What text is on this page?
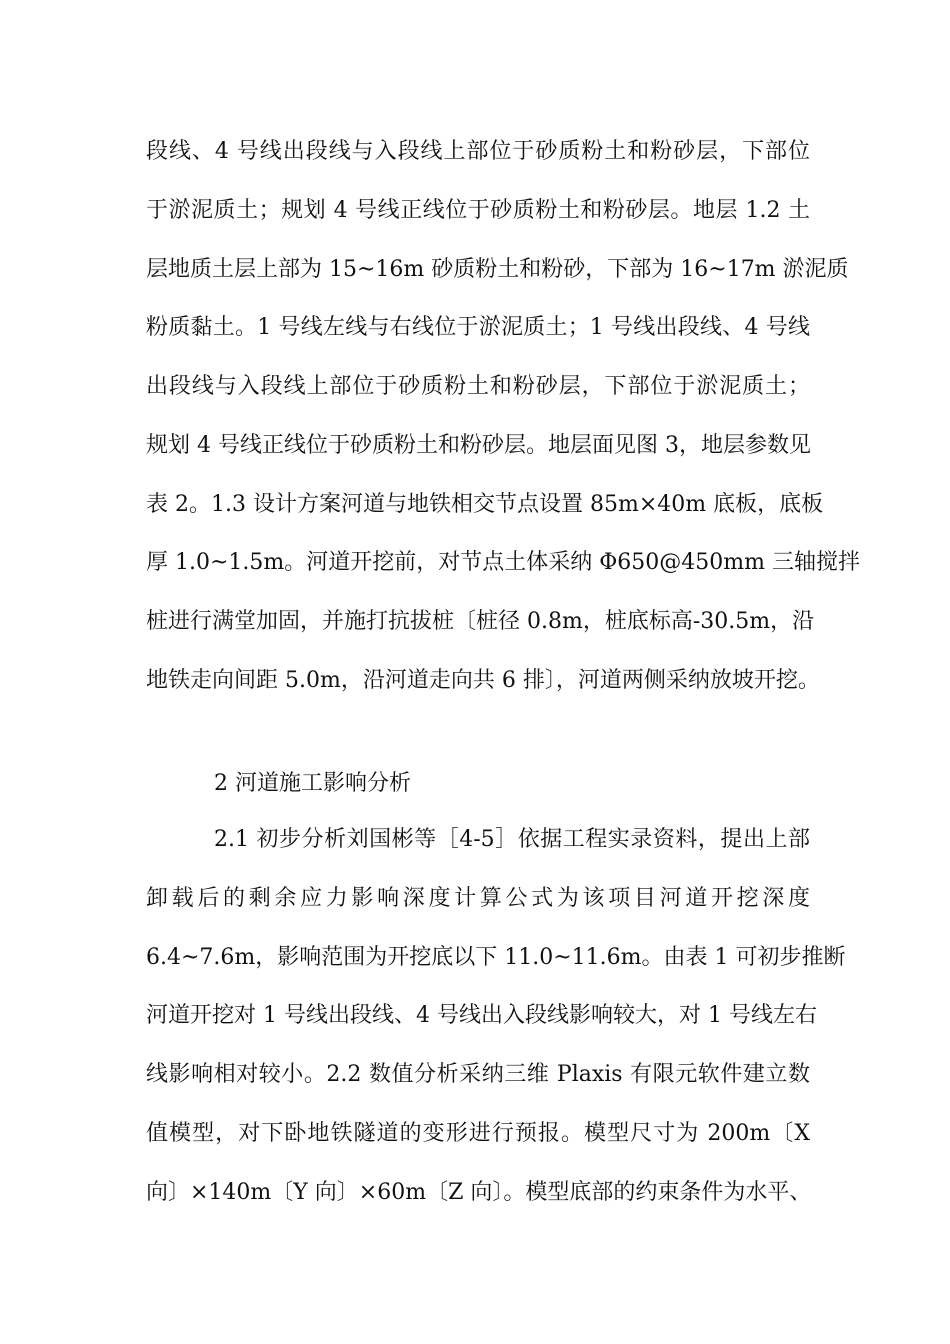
段线、4 号线出段线与入段线上部位于砂质粉土和粉砂层，下部位
于淤泥质土；规划 4 号线正线位于砂质粉土和粉砂层。地层 1.2 土
层地质土层上部为 15~16m 砂质粉土和粉砂，下部为 16~17m 淤泥质
粉质黏土。1 号线左线与右线位于淤泥质土；1 号线出段线、4 号线
出段线与入段线上部位于砂质粉土和粉砂层，下部位于淤泥质土；
规划 4 号线正线位于砂质粉土和粉砂层。地层面见图 3，地层参数见
表 2。1.3 设计方案河道与地铁相交节点设置 85m×40m 底板，底板
厚 1.0~1.5m。河道开挖前，对节点土体采纳 Φ650@450mm 三轴搅拌
桩进行满堂加固，并施打抗拔桩〔桩径 0.8m，桩底标高-30.5m，沿
地铁走向间距 5.0m，沿河道走向共 6 排〕，河道两侧采纳放坡开挖。
2 河道施工影响分析
2.1 初步分析刘国彬等［4-5］依据工程实录资料，提出上部
卸载后的剩余应力影响深度计算公式为该项目河道开挖深度
6.4~7.6m，影响范围为开挖底以下 11.0~11.6m。由表 1 可初步推断
河道开挖对 1 号线出段线、4 号线出入段线影响较大，对 1 号线左右
线影响相对较小。2.2 数值分析采纳三维 Plaxis 有限元软件建立数
值模型，对下卧地铁隧道的变形进行预报。模型尺寸为 200m〔X
向〕×140m〔Y 向〕×60m〔Z 向〕。模型底部的约束条件为水平、
